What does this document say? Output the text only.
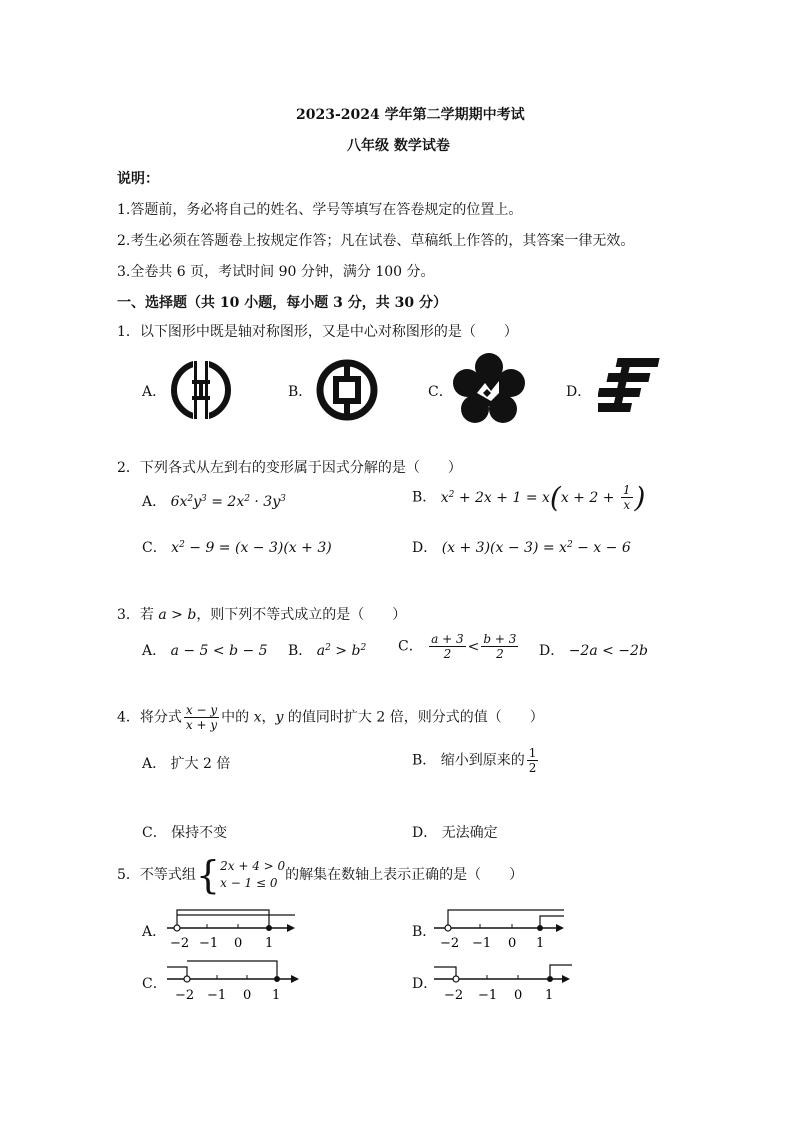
2023-2024 学年第二学期期中考试
八年级 数学试卷
说明：
1.答题前，务必将自己的姓名、学号等填写在答卷规定的位置上。
2.考生必须在答题卷上按规定作答；凡在试卷、草稿纸上作答的，其答案一律无效。
3.全卷共 6 页，考试时间 90 分钟，满分 100 分。
一、选择题（共 10 小题，每小题 3 分，共 30 分）
1．以下图形中既是轴对称图形，又是中心对称图形的是（　　）
A．	B．	C．	D．
2．下列各式从左到右的变形属于因式分解的是（　　）
A． $6x^2y^3 = 2x^2 \cdot 3y^3$	B． $x^2 + 2x + 1 = x(x + 2 + \frac{1}{x}$ )
C． $x^2 - 9 = (x - 3)(x + 3)$	D． $(x + 3)(x - 3) = x^2 - x - 6$
3．若 a > b，则下列不等式成立的是（　　）
A． a − 5 < b − 5 B． $a^2 > b^2$ C． $\frac{a + 3}{2} < \frac{b + 3}{2}$ D． −2a < −2b
4．将分式 $\frac{x - y}{x + y}$ 中的 x，y 的值同时扩大 2 倍，则分式的值（　　）
A． 扩大 2 倍	B． 缩小到原来的 $\frac{1}{2}$
C． 保持不变	D． 无法确定
5．不等式组{ 2x + 4 > 0
x − 1 ≤ 0 的解集在数轴上表示正确的是（　　）
A．
−2 −1 0 1
B．
−2 −1 0 1
C．
−2 −1 0 1
D．
−2 −1 0 1
